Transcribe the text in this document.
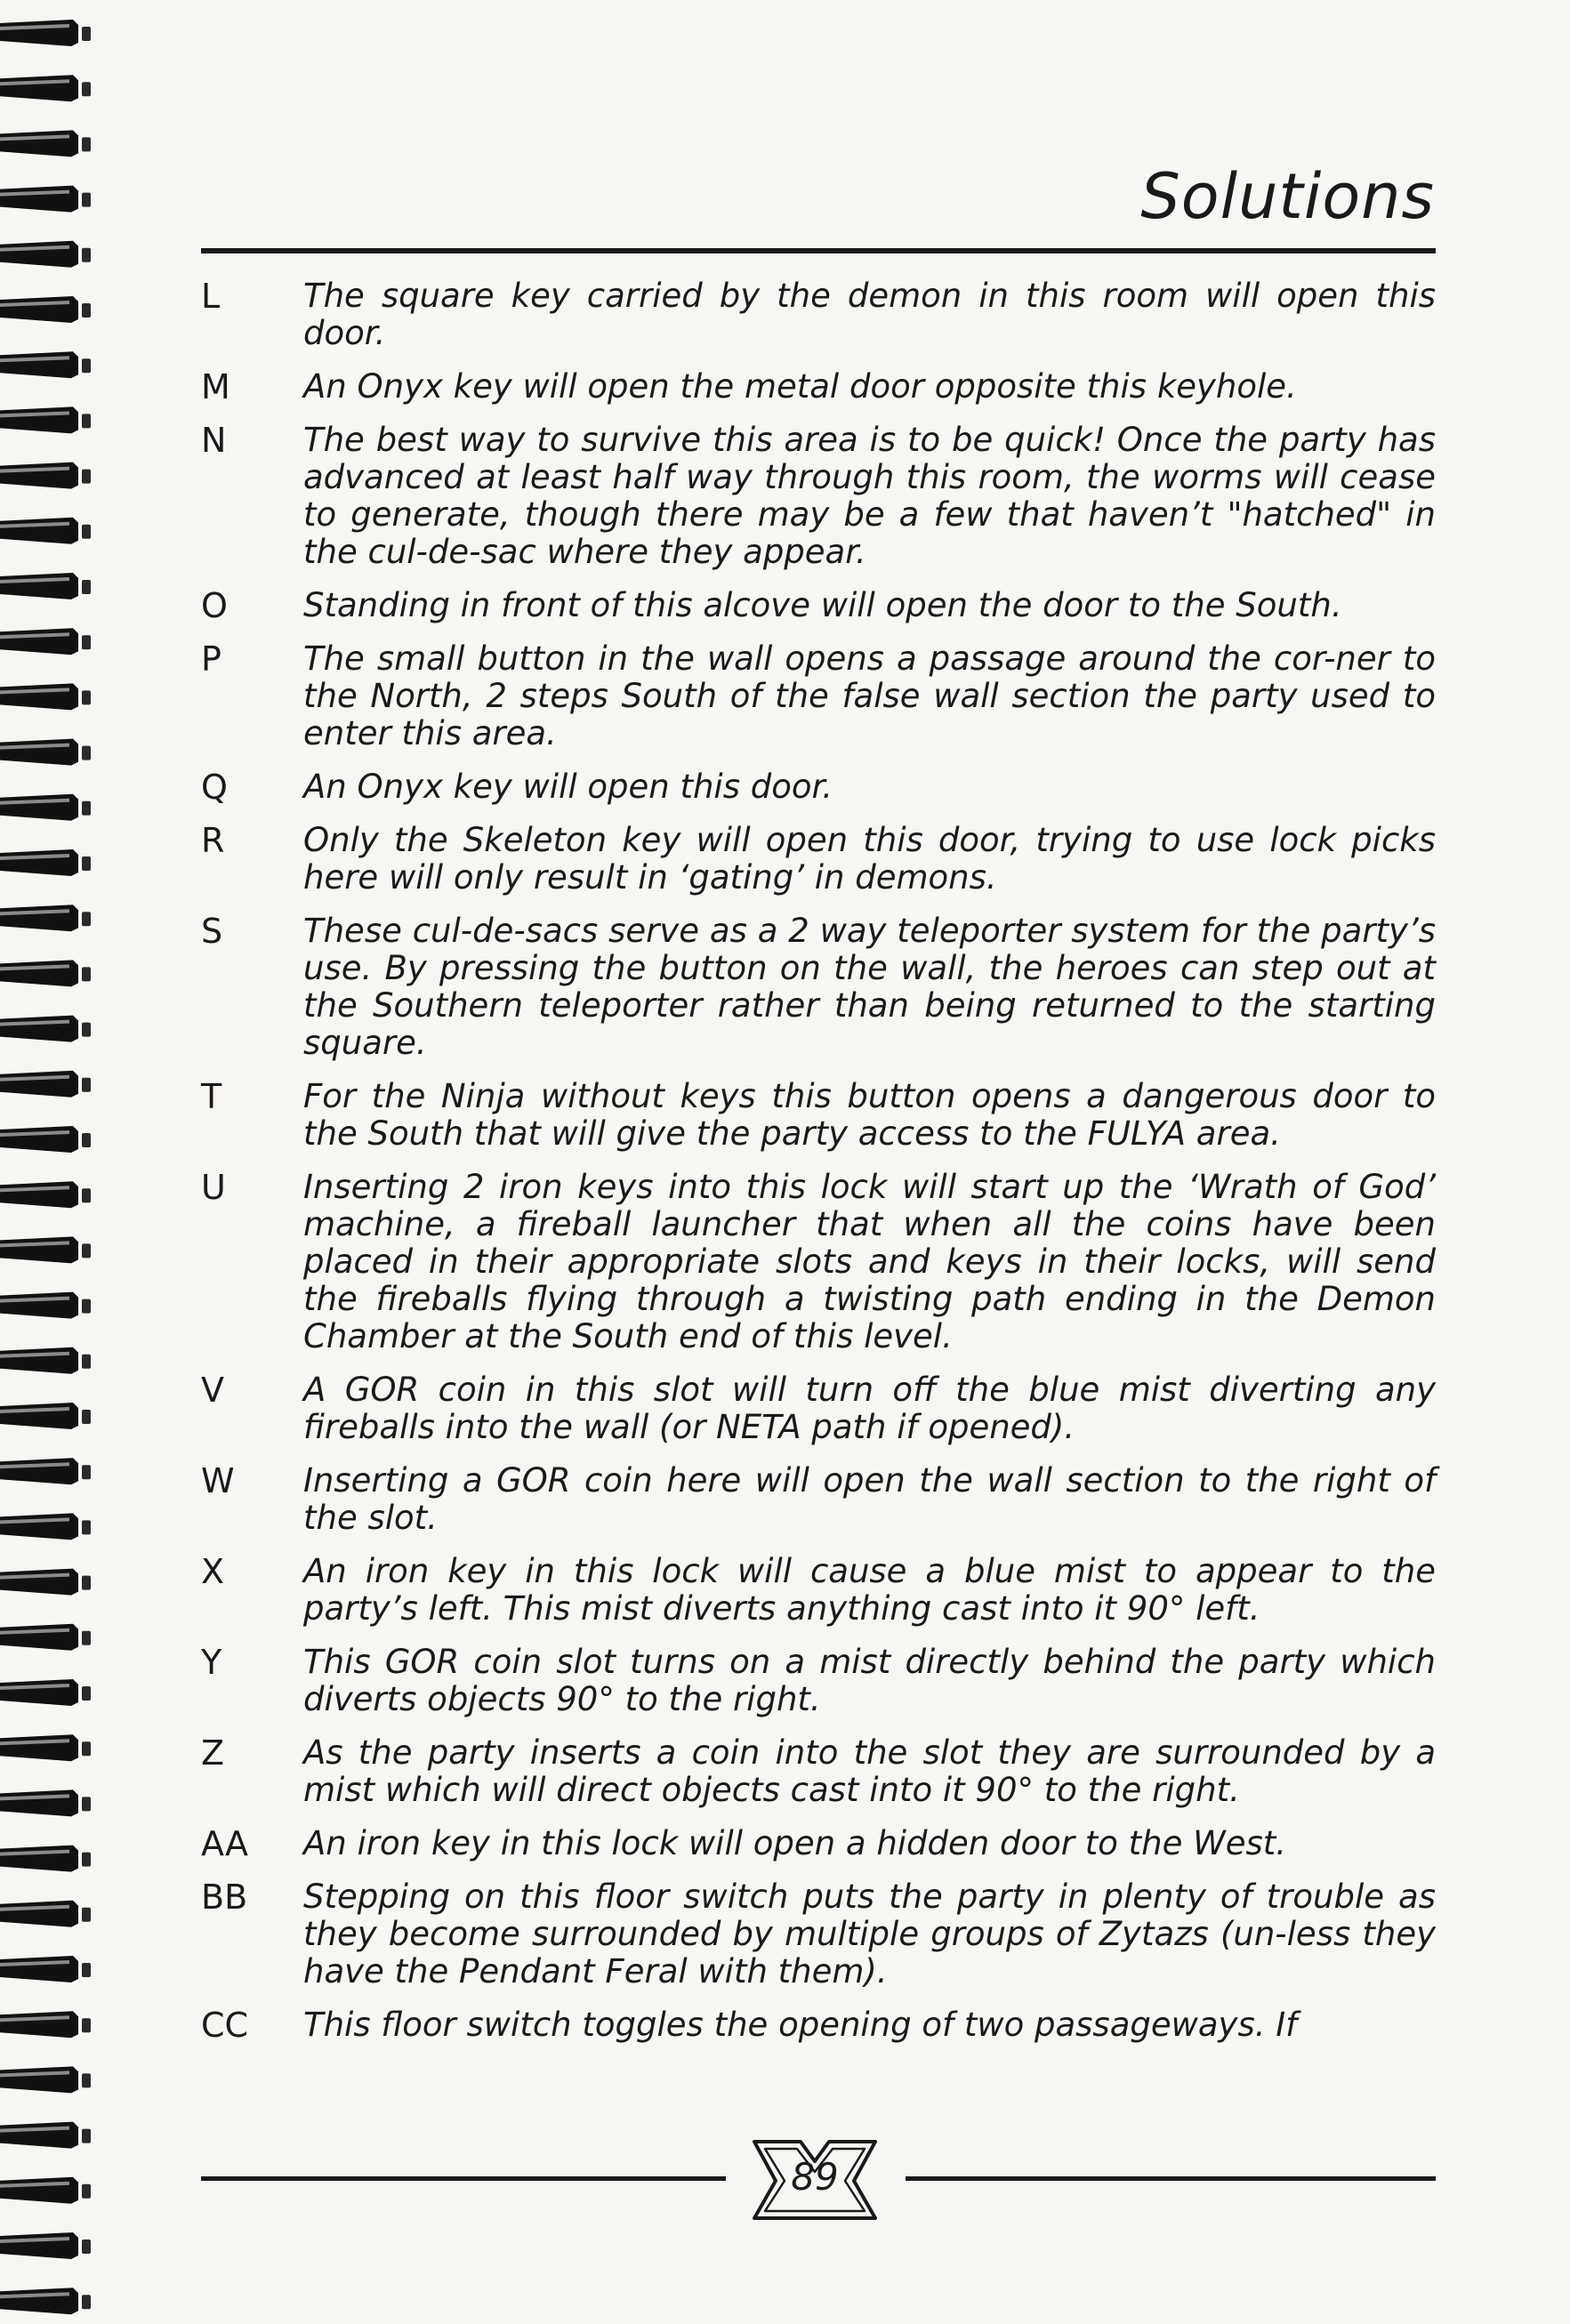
Solutions
L	The square key carried by the demon in this room will open this door.
M	An Onyx key will open the metal door opposite this keyhole.
N	The best way to survive this area is to be quick! Once the party has advanced at least half way through this room, the worms will cease to generate, though there may be a few that haven’t "hatched" in the cul-de-sac where they appear.
O	Standing in front of this alcove will open the door to the South.
P	The small button in the wall opens a passage around the cor-ner to the North, 2 steps South of the false wall section the party used to enter this area.
Q	An Onyx key will open this door.
R	Only the Skeleton key will open this door, trying to use lock picks here will only result in ‘gating’ in demons.
S	These cul-de-sacs serve as a 2 way teleporter system for the party’s use. By pressing the button on the wall, the heroes can step out at the Southern teleporter rather than being returned to the starting square.
T	For the Ninja without keys this button opens a dangerous door to the South that will give the party access to the FULYA area.
U	Inserting 2 iron keys into this lock will start up the ‘Wrath of God’ machine, a fireball launcher that when all the coins have been placed in their appropriate slots and keys in their locks, will send the fireballs flying through a twisting path ending in the Demon Chamber at the South end of this level.
V	A GOR coin in this slot will turn off the blue mist diverting any fireballs into the wall (or NETA path if opened).
W	Inserting a GOR coin here will open the wall section to the right of the slot.
X	An iron key in this lock will cause a blue mist to appear to the party’s left. This mist diverts anything cast into it 90° left.
Y	This GOR coin slot turns on a mist directly behind the party which diverts objects 90° to the right.
Z	As the party inserts a coin into the slot they are surrounded by a mist which will direct objects cast into it 90° to the right.
AA	An iron key in this lock will open a hidden door to the West.
BB	Stepping on this floor switch puts the party in plenty of trouble as they become surrounded by multiple groups of Zytazs (un-less they have the Pendant Feral with them).
CC	This floor switch toggles the opening of two passageways. If
89
